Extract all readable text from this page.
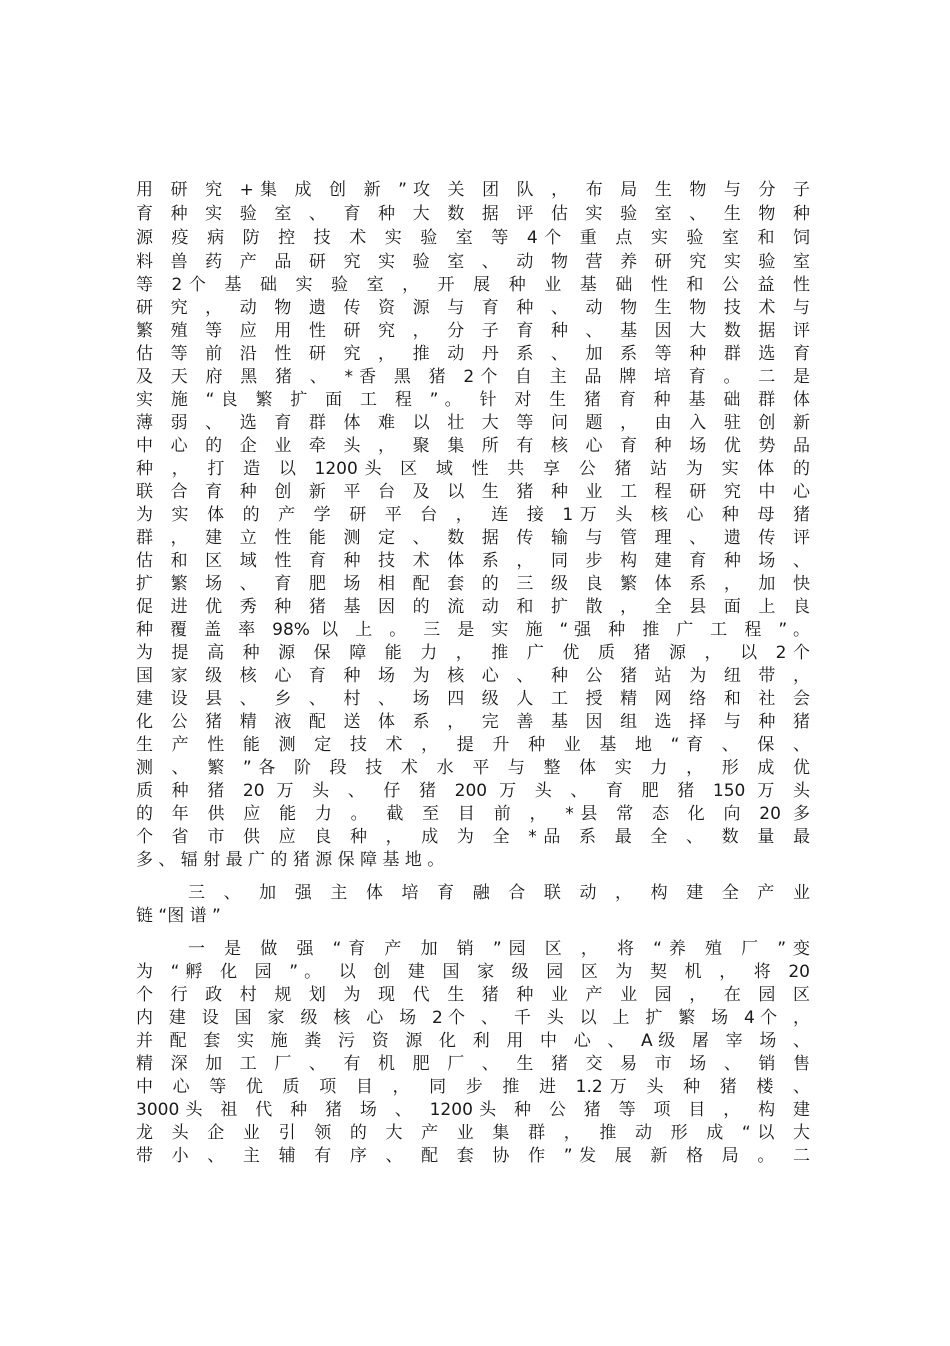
用 研 究 +集 成 创 新 ”攻 关 团 队 ， 布 局 生 物 与 分 子
育 种 实 验 室 、 育 种 大 数 据 评 估 实 验 室 、 生 物 种
源 疫 病 防 控 技 术 实 验 室 等 4个 重 点 实 验 室 和 饲
料 兽 药 产 品 研 究 实 验 室 、 动 物 营 养 研 究 实 验 室
等 2个 基 础 实 验 室 ， 开 展 种 业 基 础 性 和 公 益 性
研 究 ， 动 物 遗 传 资 源 与 育 种 、 动 物 生 物 技 术 与
繁 殖 等 应 用 性 研 究 ， 分 子 育 种 、 基 因 大 数 据 评
估 等 前 沿 性 研 究 ， 推 动 丹 系 、 加 系 等 种 群 选 育
及 天 府 黑 猪 、 *香 黑 猪 2个 自 主 品 牌 培 育 。 二 是
实 施 “良 繁 扩 面 工 程 ”。 针 对 生 猪 育 种 基 础 群 体
薄 弱 、 选 育 群 体 难 以 壮 大 等 问 题 ， 由 入 驻 创 新
中 心 的 企 业 牵 头 ， 聚 集 所 有 核 心 育 种 场 优 势 品
种 ， 打 造 以 1200头 区 域 性 共 享 公 猪 站 为 实 体 的
联 合 育 种 创 新 平 台 及 以 生 猪 种 业 工 程 研 究 中 心
为 实 体 的 产 学 研 平 台 ， 连 接 1万 头 核 心 种 母 猪
群 ， 建 立 性 能 测 定 、 数 据 传 输 与 管 理 、 遗 传 评
估 和 区 域 性 育 种 技 术 体 系 ， 同 步 构 建 育 种 场 、
扩 繁 场 、 育 肥 场 相 配 套 的 三 级 良 繁 体 系 ， 加 快
促 进 优 秀 种 猪 基 因 的 流 动 和 扩 散 ， 全 县 面 上 良
种 覆 盖 率 98% 以 上 。 三 是 实 施 “强 种 推 广 工 程 ”。
为 提 高 种 源 保 障 能 力 ， 推 广 优 质 猪 源 ， 以 2个
国 家 级 核 心 育 种 场 为 核 心 、 种 公 猪 站 为 纽 带 ，
建 设 县 、 乡 、 村 、 场 四 级 人 工 授 精 网 络 和 社 会
化 公 猪 精 液 配 送 体 系 ， 完 善 基 因 组 选 择 与 种 猪
生 产 性 能 测 定 技 术 ， 提 升 种 业 基 地 “育 、 保 、
测 、 繁 ”各 阶 段 技 术 水 平 与 整 体 实 力 ， 形 成 优
质 种 猪 20 万 头 、 仔 猪 200 万 头 、 育 肥 猪 150 万 头
的 年 供 应 能 力 。 截 至 目 前 ， *县 常 态 化 向 20 多
个 省 市 供 应 良 种 ， 成 为 全 *品 系 最 全 、 数 量 最
多 、 辐 射 最 广 的 猪 源 保 障 基 地 。
三 、 加 强 主 体 培 育 融 合 联 动 ， 构 建 全 产 业
链 “图 谱 ”
一 是 做 强 “育 产 加 销 ”园 区 ， 将 “养 殖 厂 ”变
为 “孵 化 园 ”。 以 创 建 国 家 级 园 区 为 契 机 ， 将 20
个 行 政 村 规 划 为 现 代 生 猪 种 业 产 业 园 ， 在 园 区
内 建 设 国 家 级 核 心 场 2个 、 千 头 以 上 扩 繁 场 4个 ，
并 配 套 实 施 粪 污 资 源 化 利 用 中 心 、 A级 屠 宰 场 、
精 深 加 工 厂 、 有 机 肥 厂 、 生 猪 交 易 市 场 、 销 售
中 心 等 优 质 项 目 ， 同 步 推 进 1.2万 头 种 猪 楼 、
3000头 祖 代 种 猪 场 、 1200头 种 公 猪 等 项 目 ， 构 建
龙 头 企 业 引 领 的 大 产 业 集 群 ， 推 动 形 成 “以 大
带 小 、 主 辅 有 序 、 配 套 协 作 ”发 展 新 格 局 。 二
